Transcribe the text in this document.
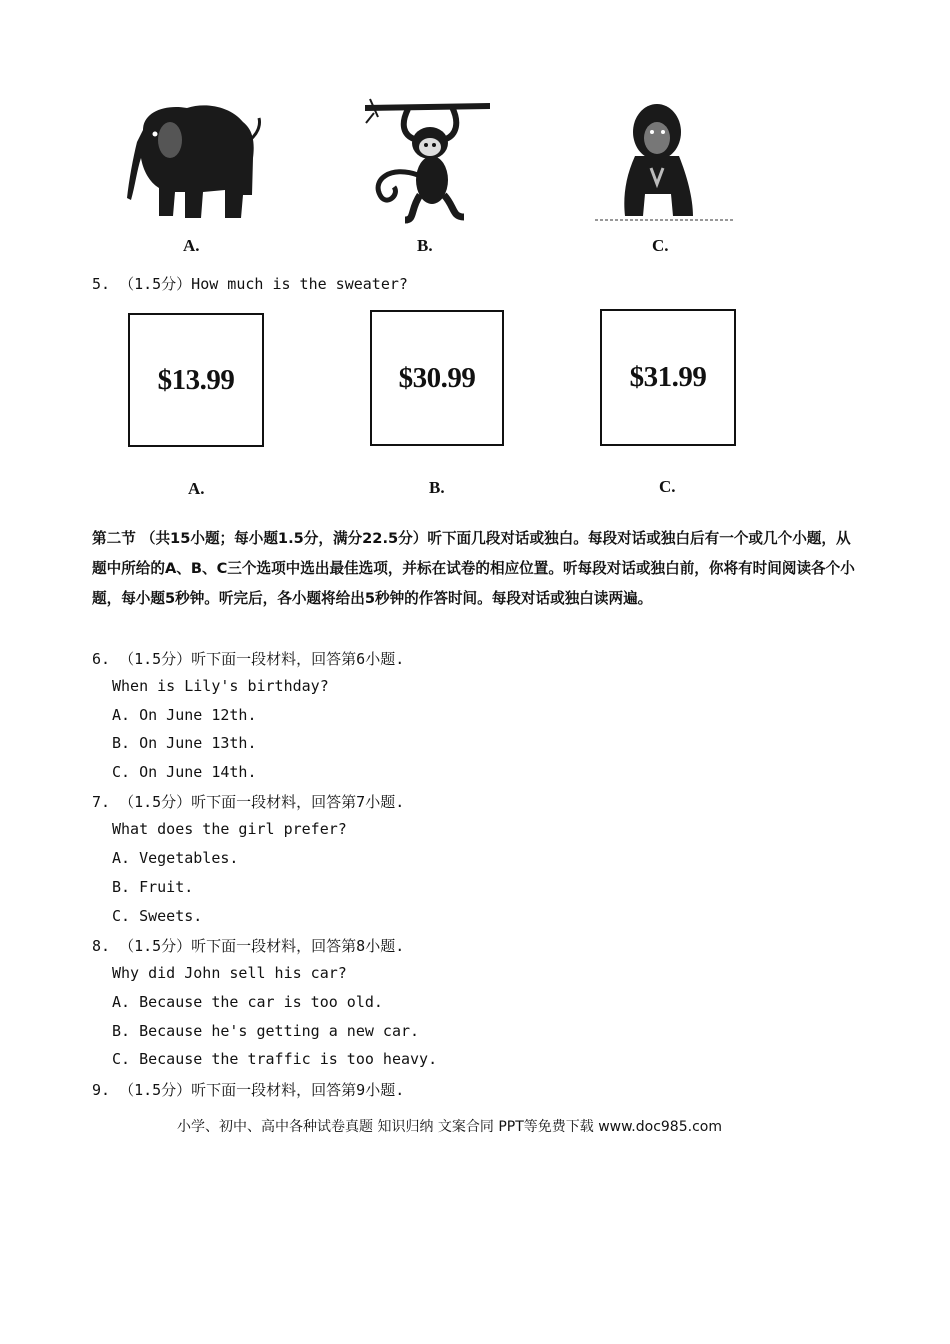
A.	B.	C.
5. （1.5分）How much is the sweater?
$13.99
A.
$30.99
B.
$31.99
C.

第二节 （共15小题；每小题1.5分，满分22.5分）听下面几段对话或独白。每段对话或独白后有一个或几个小题，从题中所给的A、B、C三个选项中选出最佳选项，并标在试卷的相应位置。听每段对话或独白前，你将有时间阅读各个小题，每小题5秒钟。听完后，各小题将给出5秒钟的作答时间。每段对话或独白读两遍。

6. （1.5分）听下面一段材料，回答第6小题.
When is Lily's birthday?
A. On June 12th.
B. On June 13th.
C. On June 14th.
7. （1.5分）听下面一段材料，回答第7小题.
What does the girl prefer?
A. Vegetables.
B. Fruit.
C. Sweets.
8. （1.5分）听下面一段材料，回答第8小题.
Why did John sell his car?
A. Because the car is too old.
B. Because he's getting a new car.
C. Because the traffic is too heavy.
9. （1.5分）听下面一段材料，回答第9小题.
小学、初中、高中各种试卷真题 知识归纳 文案合同 PPT等免费下载 www.doc985.com
